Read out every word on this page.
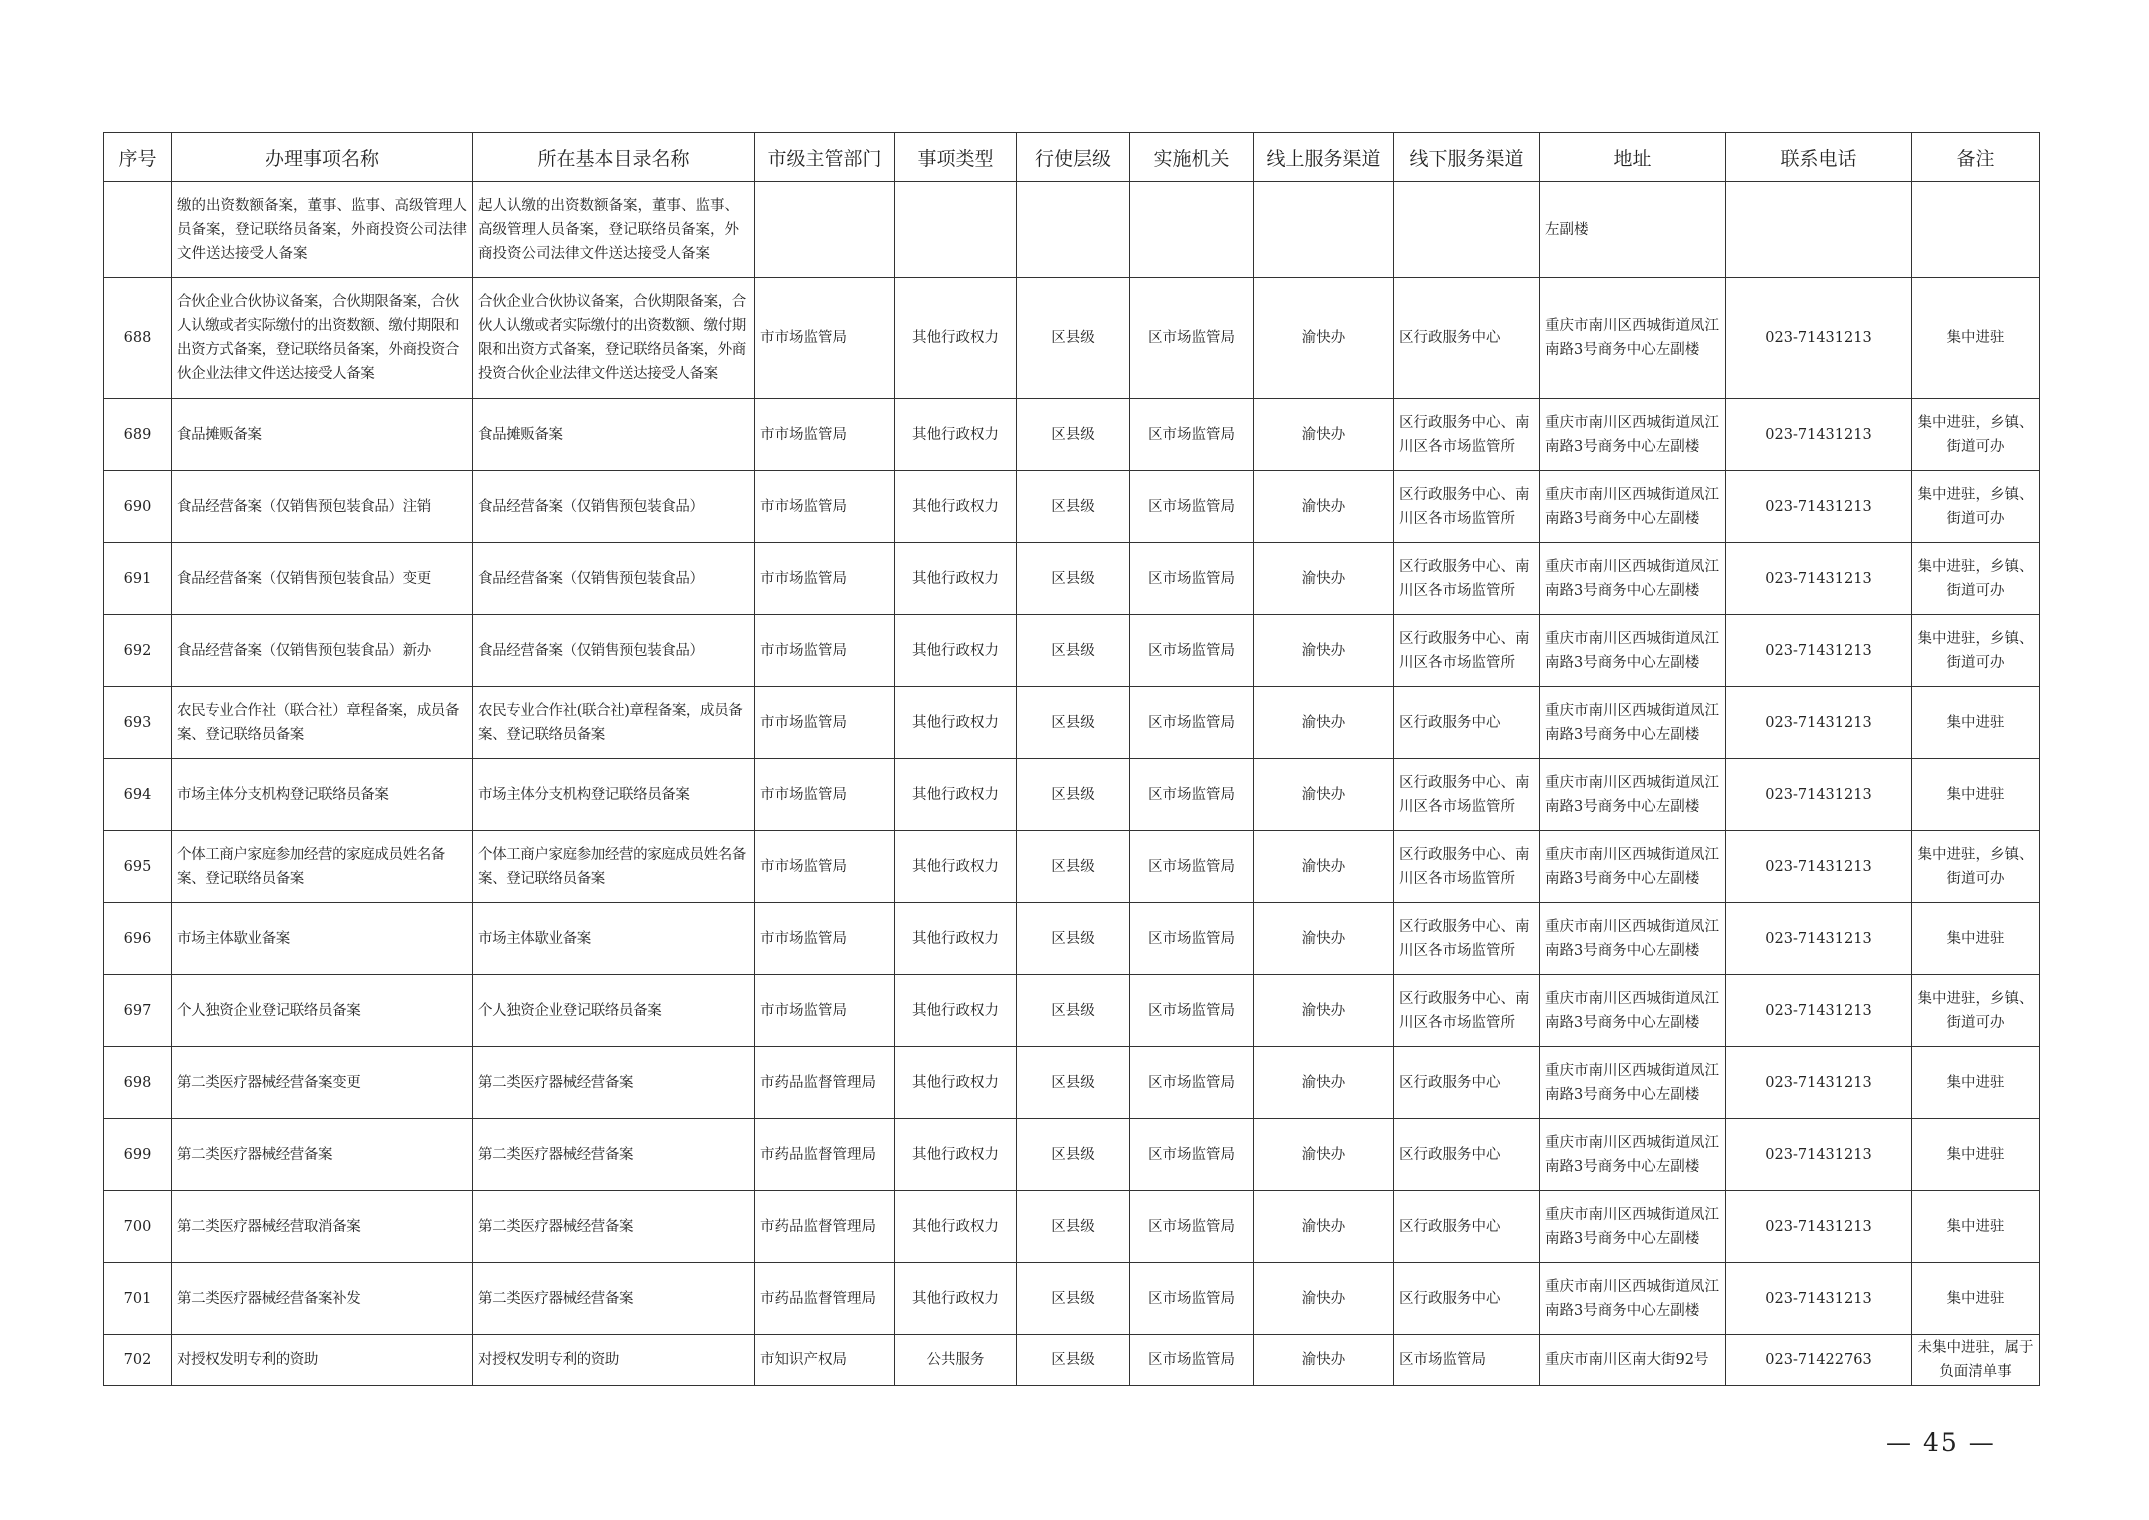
序号	办理事项名称	所在基本目录名称	市级主管部门	事项类型	行使层级	实施机关	线上服务渠道	线下服务渠道	地址	联系电话	备注
	缴的出资数额备案，董事、监事、高级管理人员备案，登记联络员备案，外商投资公司法律文件送达接受人备案	起人认缴的出资数额备案，董事、监事、高级管理人员备案，登记联络员备案，外商投资公司法律文件送达接受人备案							左副楼		
688	合伙企业合伙协议备案，合伙期限备案，合伙人认缴或者实际缴付的出资数额、缴付期限和出资方式备案，登记联络员备案，外商投资合伙企业法律文件送达接受人备案	合伙企业合伙协议备案，合伙期限备案，合伙人认缴或者实际缴付的出资数额、缴付期限和出资方式备案，登记联络员备案，外商投资合伙企业法律文件送达接受人备案	市市场监管局	其他行政权力	区县级	区市场监管局	渝快办	区行政服务中心	重庆市南川区西城街道凤江南路3号商务中心左副楼	023-71431213	集中进驻
689	食品摊贩备案	食品摊贩备案	市市场监管局	其他行政权力	区县级	区市场监管局	渝快办	区行政服务中心、南川区各市场监管所	重庆市南川区西城街道凤江南路3号商务中心左副楼	023-71431213	集中进驻，乡镇、街道可办
690	食品经营备案（仅销售预包装食品）注销	食品经营备案（仅销售预包装食品）	市市场监管局	其他行政权力	区县级	区市场监管局	渝快办	区行政服务中心、南川区各市场监管所	重庆市南川区西城街道凤江南路3号商务中心左副楼	023-71431213	集中进驻，乡镇、街道可办
691	食品经营备案（仅销售预包装食品）变更	食品经营备案（仅销售预包装食品）	市市场监管局	其他行政权力	区县级	区市场监管局	渝快办	区行政服务中心、南川区各市场监管所	重庆市南川区西城街道凤江南路3号商务中心左副楼	023-71431213	集中进驻，乡镇、街道可办
692	食品经营备案（仅销售预包装食品）新办	食品经营备案（仅销售预包装食品）	市市场监管局	其他行政权力	区县级	区市场监管局	渝快办	区行政服务中心、南川区各市场监管所	重庆市南川区西城街道凤江南路3号商务中心左副楼	023-71431213	集中进驻，乡镇、街道可办
693	农民专业合作社（联合社）章程备案，成员备案、登记联络员备案	农民专业合作社(联合社)章程备案，成员备案、登记联络员备案	市市场监管局	其他行政权力	区县级	区市场监管局	渝快办	区行政服务中心	重庆市南川区西城街道凤江南路3号商务中心左副楼	023-71431213	集中进驻
694	市场主体分支机构登记联络员备案	市场主体分支机构登记联络员备案	市市场监管局	其他行政权力	区县级	区市场监管局	渝快办	区行政服务中心、南川区各市场监管所	重庆市南川区西城街道凤江南路3号商务中心左副楼	023-71431213	集中进驻
695	个体工商户家庭参加经营的家庭成员姓名备案、登记联络员备案	个体工商户家庭参加经营的家庭成员姓名备案、登记联络员备案	市市场监管局	其他行政权力	区县级	区市场监管局	渝快办	区行政服务中心、南川区各市场监管所	重庆市南川区西城街道凤江南路3号商务中心左副楼	023-71431213	集中进驻，乡镇、街道可办
696	市场主体歇业备案	市场主体歇业备案	市市场监管局	其他行政权力	区县级	区市场监管局	渝快办	区行政服务中心、南川区各市场监管所	重庆市南川区西城街道凤江南路3号商务中心左副楼	023-71431213	集中进驻
697	个人独资企业登记联络员备案	个人独资企业登记联络员备案	市市场监管局	其他行政权力	区县级	区市场监管局	渝快办	区行政服务中心、南川区各市场监管所	重庆市南川区西城街道凤江南路3号商务中心左副楼	023-71431213	集中进驻，乡镇、街道可办
698	第二类医疗器械经营备案变更	第二类医疗器械经营备案	市药品监督管理局	其他行政权力	区县级	区市场监管局	渝快办	区行政服务中心	重庆市南川区西城街道凤江南路3号商务中心左副楼	023-71431213	集中进驻
699	第二类医疗器械经营备案	第二类医疗器械经营备案	市药品监督管理局	其他行政权力	区县级	区市场监管局	渝快办	区行政服务中心	重庆市南川区西城街道凤江南路3号商务中心左副楼	023-71431213	集中进驻
700	第二类医疗器械经营取消备案	第二类医疗器械经营备案	市药品监督管理局	其他行政权力	区县级	区市场监管局	渝快办	区行政服务中心	重庆市南川区西城街道凤江南路3号商务中心左副楼	023-71431213	集中进驻
701	第二类医疗器械经营备案补发	第二类医疗器械经营备案	市药品监督管理局	其他行政权力	区县级	区市场监管局	渝快办	区行政服务中心	重庆市南川区西城街道凤江南路3号商务中心左副楼	023-71431213	集中进驻
702	对授权发明专利的资助	对授权发明专利的资助	市知识产权局	公共服务	区县级	区市场监管局	渝快办	区市场监管局	重庆市南川区南大街92号	023-71422763	未集中进驻，属于负面清单事
— 45 —
